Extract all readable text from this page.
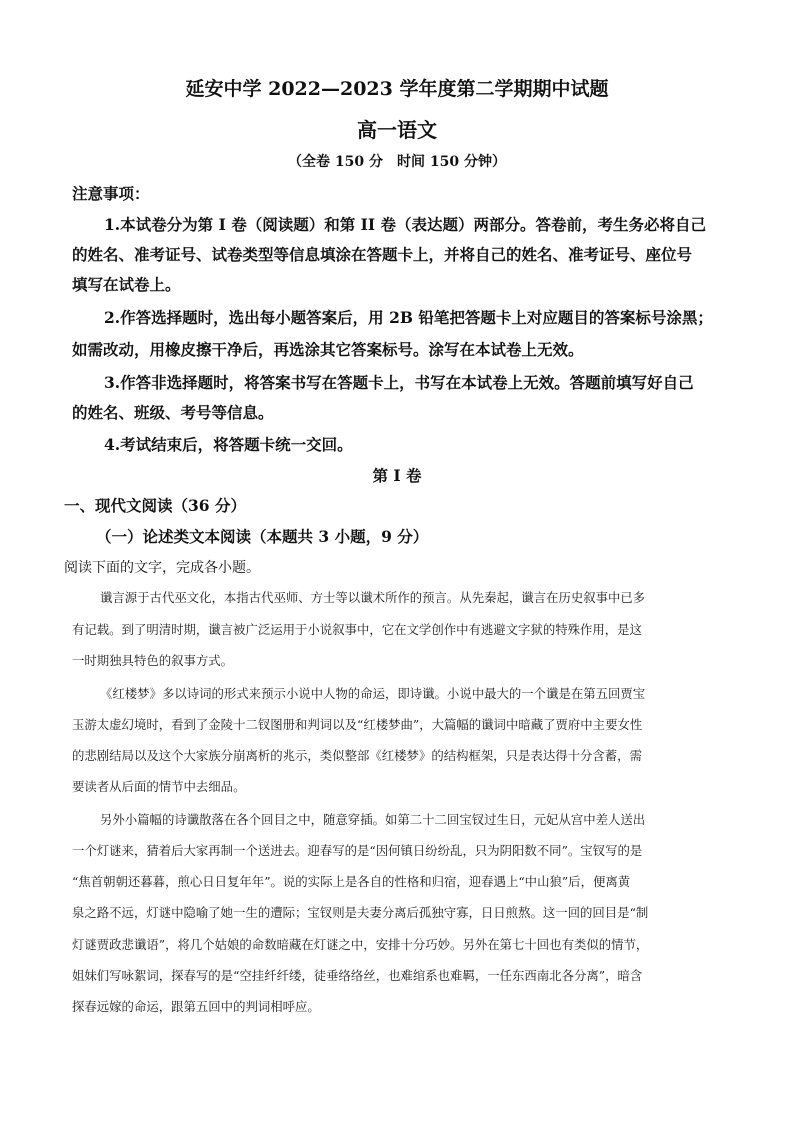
延安中学 2022—2023 学年度第二学期期中试题
高一语文
（全卷 150 分　时间 150 分钟）
注意事项：
1.本试卷分为第 I 卷（阅读题）和第 II 卷（表达题）两部分。答卷前，考生务必将自己
的姓名、准考证号、试卷类型等信息填涂在答题卡上，并将自己的姓名、准考证号、座位号
填写在试卷上。
2.作答选择题时，选出每小题答案后，用 2B 铅笔把答题卡上对应题目的答案标号涂黑；
如需改动，用橡皮擦干净后，再选涂其它答案标号。涂写在本试卷上无效。
3.作答非选择题时，将答案书写在答题卡上，书写在本试卷上无效。答题前填写好自己
的姓名、班级、考号等信息。
4.考试结束后，将答题卡统一交回。
第 I 卷
一、现代文阅读（36 分）
（一）论述类文本阅读（本题共 3 小题，9 分）
阅读下面的文字，完成各小题。
谶言源于古代巫文化，本指古代巫师、方士等以谶术所作的预言。从先秦起，谶言在历史叙事中已多
有记载。到了明清时期，谶言被广泛运用于小说叙事中，它在文学创作中有逃避文字狱的特殊作用，是这
一时期独具特色的叙事方式。
《红楼梦》多以诗词的形式来预示小说中人物的命运，即诗谶。小说中最大的一个谶是在第五回贾宝
玉游太虚幻境时，看到了金陵十二钗图册和判词以及“红楼梦曲”，大篇幅的谶词中暗藏了贾府中主要女性
的悲剧结局以及这个大家族分崩离析的兆示，类似整部《红楼梦》的结构框架，只是表达得十分含蓄，需
要读者从后面的情节中去细品。
另外小篇幅的诗谶散落在各个回目之中，随意穿插。如第二十二回宝钗过生日，元妃从宫中差人送出
一个灯谜来，猜着后大家再制一个送进去。迎春写的是“因何镇日纷纷乱，只为阴阳数不同”。宝钗写的是
“焦首朝朝还暮暮，煎心日日复年年”。说的实际上是各自的性格和归宿，迎春遇上“中山狼”后，便离黄
泉之路不远，灯谜中隐喻了她一生的遭际；宝钗则是夫妻分离后孤独守寡，日日煎熬。这一回的回目是“制
灯谜贾政悲谶语”，将几个姑娘的命数暗藏在灯谜之中，安排十分巧妙。另外在第七十回也有类似的情节，
姐妹们写咏絮词，探春写的是“空挂纤纤缕，徒垂络络丝，也难绾系也难羁，一任东西南北各分离”，暗含
探春远嫁的命运，跟第五回中的判词相呼应。
